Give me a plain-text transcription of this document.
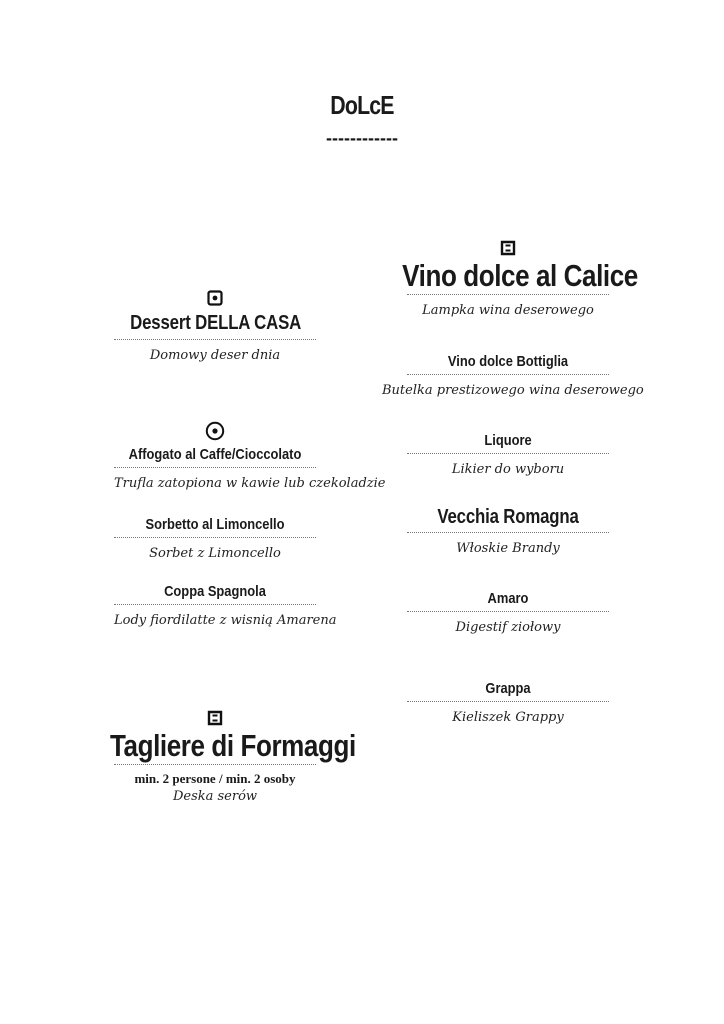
DoLcE
------------
Dessert DELLA CASA
Domowy deser dnia
Affogato al Caffe/Cioccolato
Trufla zatopiona w kawie lub czekoladzie
Sorbetto al Limoncello
Sorbet z Limoncello
Coppa Spagnola
Lody fiordilatte z wisnią Amarena
Tagliere di Formaggi
min. 2 persone / min. 2 osoby
Deska serów
Vino dolce al Calice
Lampka wina deserowego
Vino dolce Bottiglia
Butelka prestizowego wina deserowego
Liquore
Likier do wyboru
Vecchia Romagna
Włoskie Brandy
Amaro
Digestif ziołowy
Grappa
Kieliszek Grappy
